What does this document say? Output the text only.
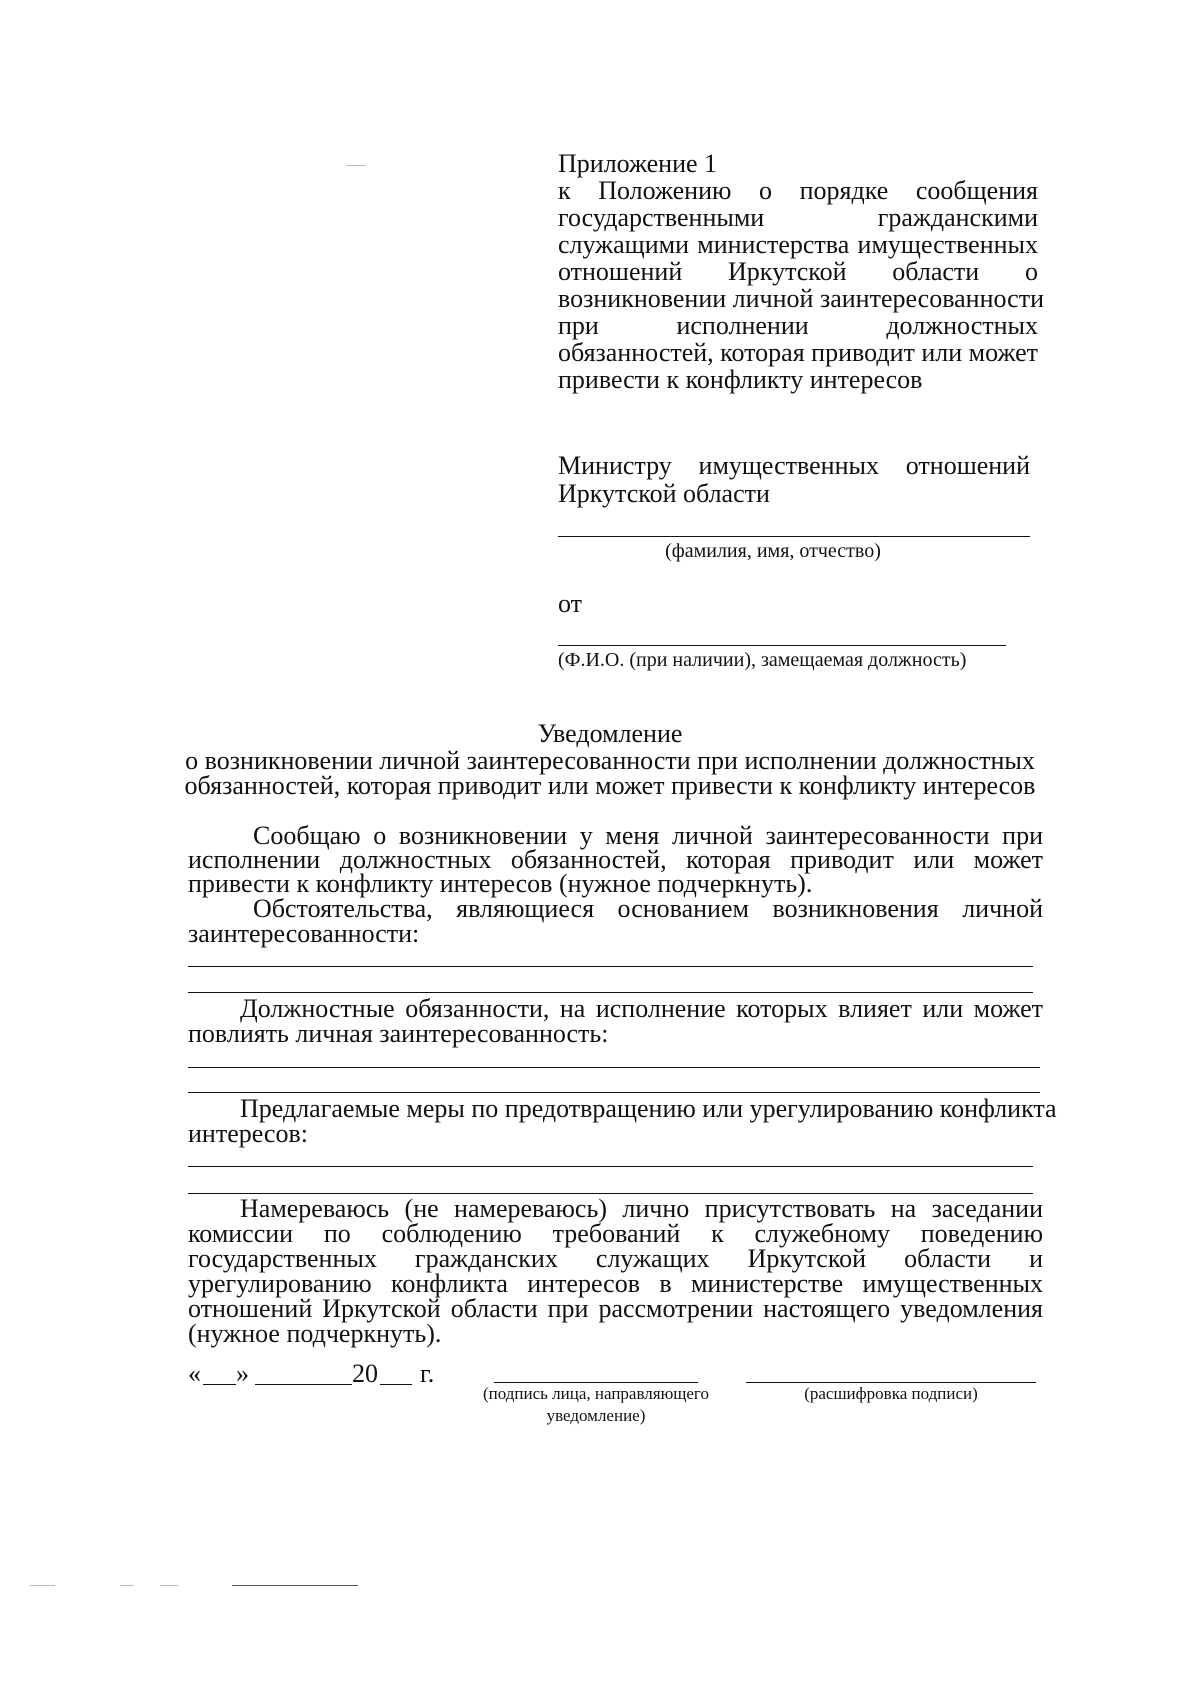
Приложение 1
к Положению о порядке сообщения
государственными гражданскими
служащими министерства имущественных
отношений Иркутской области о
возникновении личной заинтересованности
при исполнении должностных
обязанностей, которая приводит или может
привести к конфликту интересов
Министру имущественных отношений
Иркутской области
(фамилия, имя, отчество)
от
(Ф.И.О. (при наличии), замещаемая должность)
Уведомление
о возникновении личной заинтересованности при исполнении должностных
обязанностей, которая приводит или может привести к конфликту интересов
Сообщаю о возникновении у меня личной заинтересованности при
исполнении должностных обязанностей, которая приводит или может
привести к конфликту интересов (нужное подчеркнуть).
Обстоятельства, являющиеся основанием возникновения личной
заинтересованности:
Должностные обязанности, на исполнение которых влияет или может
повлиять личная заинтересованность:
Предлагаемые меры по предотвращению или урегулированию конфликта
интересов:
Намереваюсь (не намереваюсь) лично присутствовать на заседании
комиссии по соблюдению требований к служебному поведению
государственных гражданских служащих Иркутской области и
урегулированию конфликта интересов в министерстве имущественных
отношений Иркутской области при рассмотрении настоящего уведомления
(нужное подчеркнуть).
« »	20 г.
(подпись лица, направляющего
уведомление)
(расшифровка подписи)
